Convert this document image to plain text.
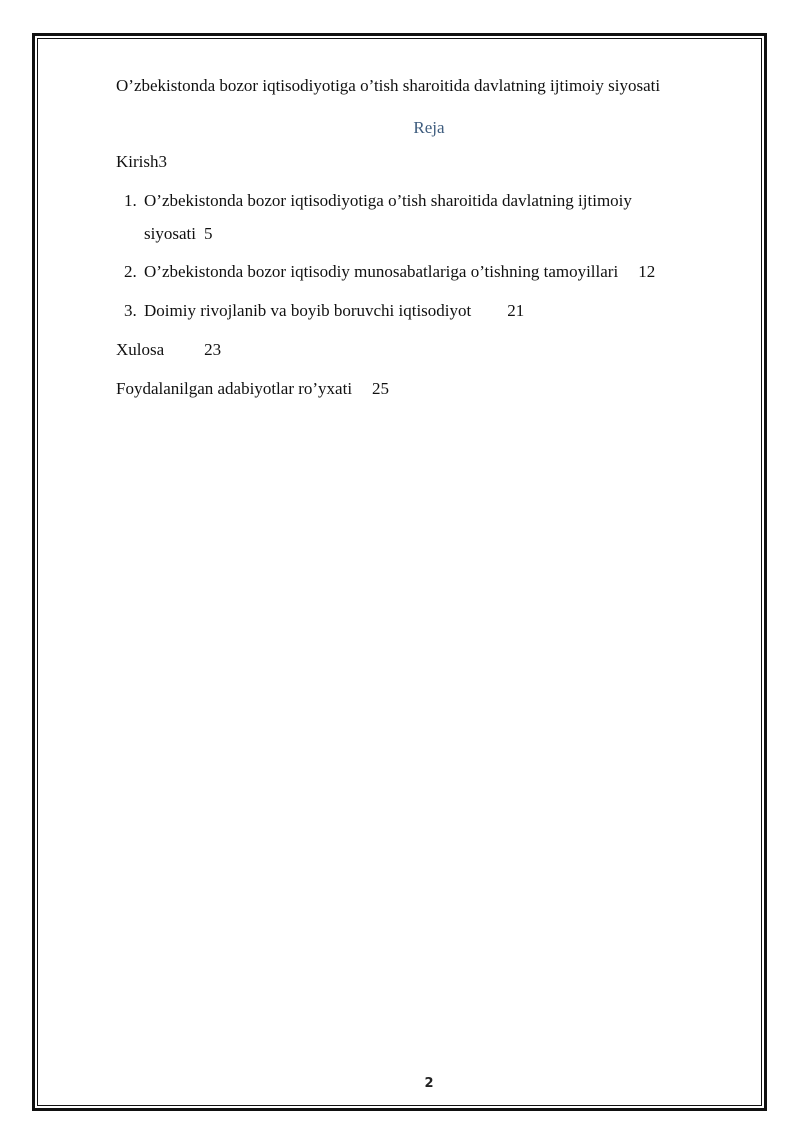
O’zbekistonda bozor iqtisodiyotiga o’tish sharoitida davlatning ijtimoiy siyosati
Reja
Kirish3
1. O’zbekistonda bozor iqtisodiyotiga o’tish sharoitida davlatning ijtimoiy
siyosati 5
2. O’zbekistonda bozor iqtisodiy munosabatlariga o’tishning tamoyillari 12
3. Doimiy rivojlanib va boyib boruvchi iqtisodiyot 21
Xulosa 23
Foydalanilgan adabiyotlar ro’yxati 25
2
